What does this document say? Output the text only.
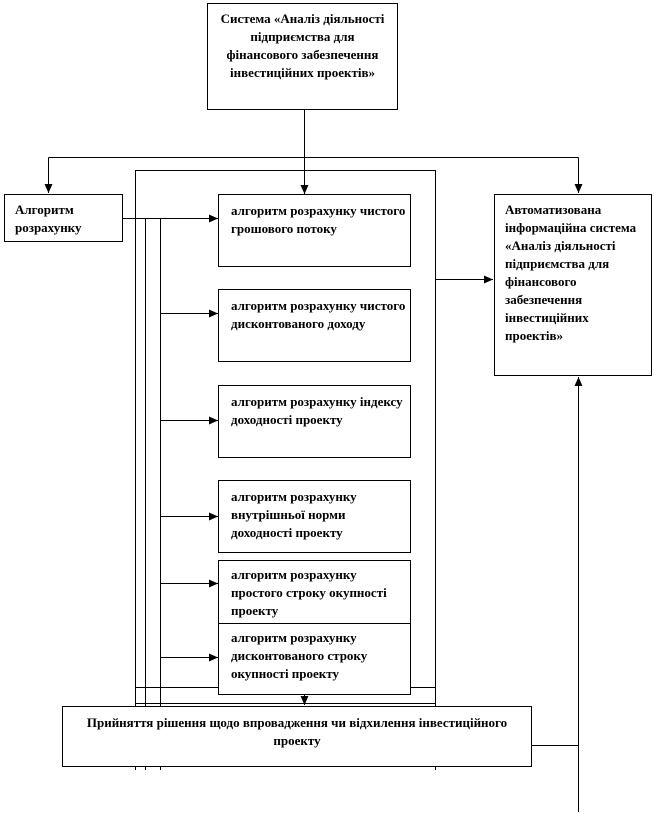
Система «Аналіз діяльності підприємства для фінансового забезпечення інвестиційних проектів»
Алгоритм розрахунку
Автоматизована інформаційна система «Аналіз діяльності підприємства для фінансового забезпечення інвестиційних проектів»
алгоритм розрахунку чистого грошового потоку
алгоритм розрахунку чистого дисконтованого доходу
алгоритм розрахунку індексу доходності проекту
алгоритм розрахунку внутрішньої норми доходності проекту
алгоритм розрахунку простого строку окупності проекту
алгоритм розрахунку дисконтованого строку окупності проекту
Прийняття рішення щодо впровадження чи відхилення інвестиційного проекту
